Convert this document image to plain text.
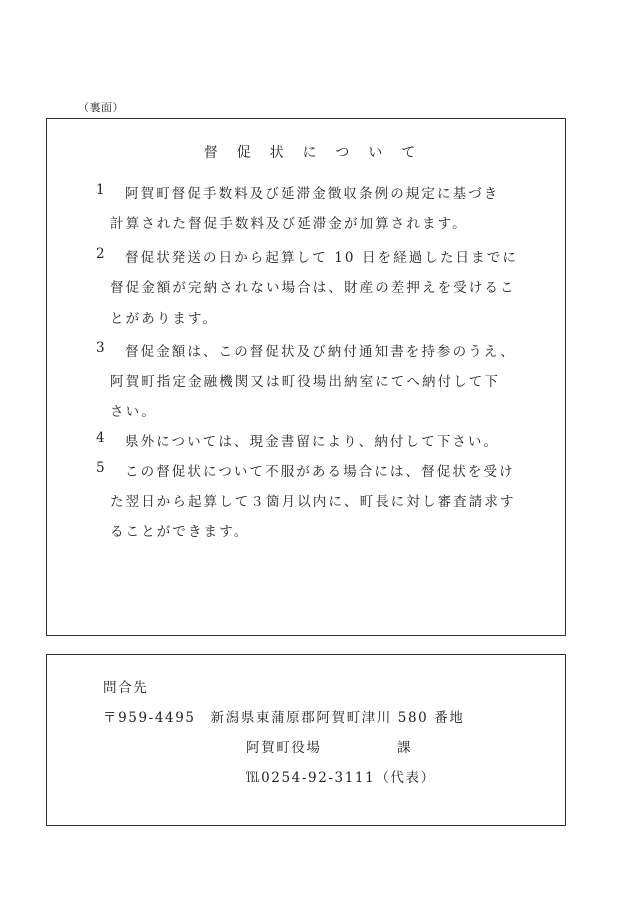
（裏面）
督促状について
1 阿賀町督促手数料及び延滞金徴収条例の規定に基づき
計算された督促手数料及び延滞金が加算されます。
2 督促状発送の日から起算して 10 日を経過した日までに
督促金額が完納されない場合は、財産の差押えを受けるこ
とがあります。
3 督促金額は、この督促状及び納付通知書を持参のうえ、
阿賀町指定金融機関又は町役場出納室にてへ納付して下
さい。
4 県外については、現金書留により、納付して下さい。
5 この督促状について不服がある場合には、督促状を受け
た翌日から起算して３箇月以内に、町長に対し審査請求す
ることができます。
問合先
〒959-4495　新潟県東蒲原郡阿賀町津川 580 番地
阿賀町役場　　　　　課
℡0254-92-3111（代表）
